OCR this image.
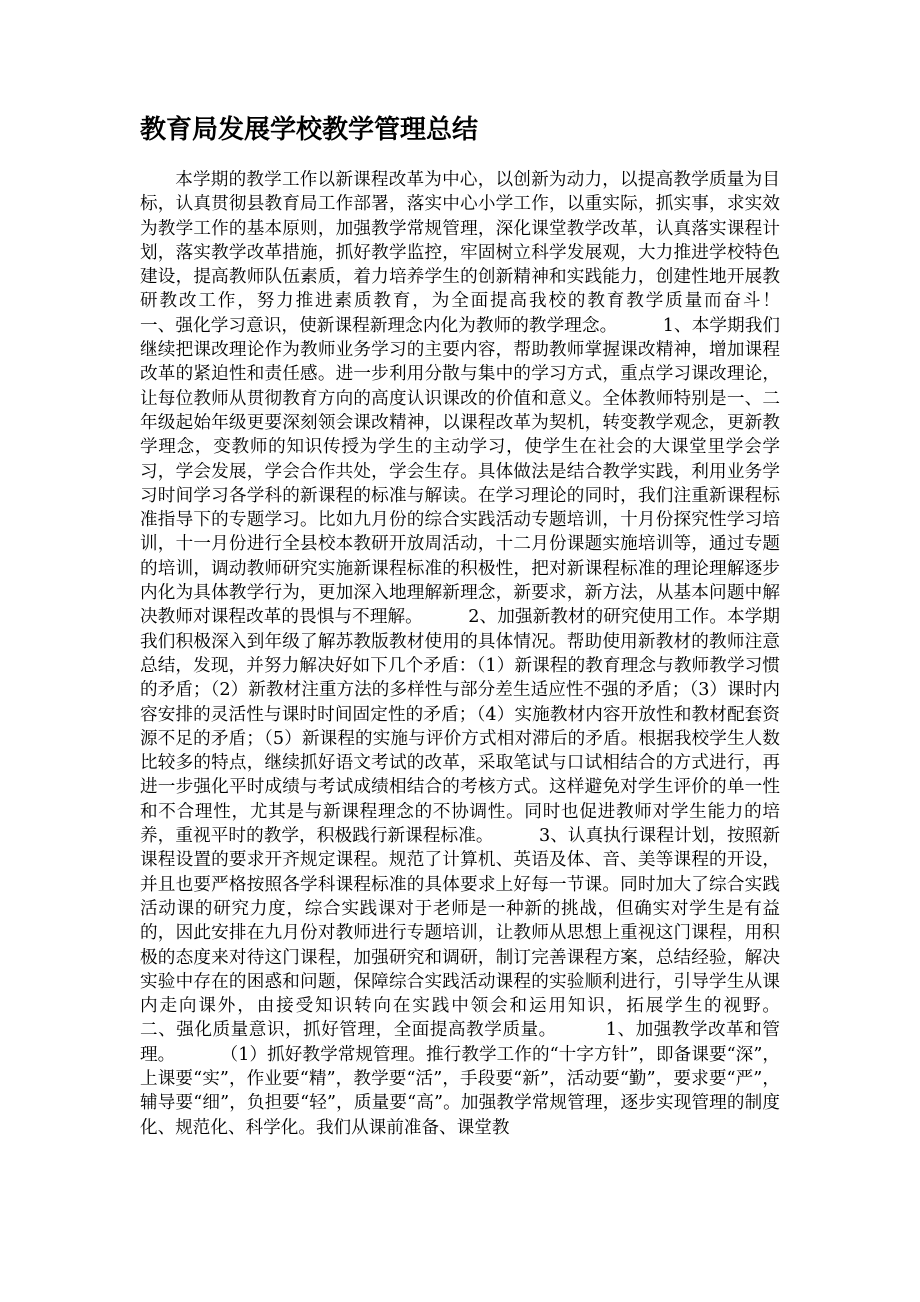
教育局发展学校教学管理总结

本学期的教学工作以新课程改革为中心，以创新为动力，以提高教学质量为目标，认真贯彻县教育局工作部署，落实中心小学工作，以重实际，抓实事，求实效为教学工作的基本原则，加强教学常规管理，深化课堂教学改革，认真落实课程计划，落实教学改革措施，抓好教学监控，牢固树立科学发展观，大力推进学校特色建设，提高教师队伍素质，着力培养学生的创新精神和实践能力，创建性地开展教研教改工作，努力推进素质教育，为全面提高我校的教育教学质量而奋斗！        一、强化学习意识，使新课程新理念内化为教师的教学理念。        1、本学期我们继续把课改理论作为教师业务学习的主要内容，帮助教师掌握课改精神，增加课程改革的紧迫性和责任感。进一步利用分散与集中的学习方式，重点学习课改理论，让每位教师从贯彻教育方向的高度认识课改的价值和意义。全体教师特别是一、二年级起始年级更要深刻领会课改精神，以课程改革为契机，转变教学观念，更新教学理念，变教师的知识传授为学生的主动学习，使学生在社会的大课堂里学会学习，学会发展，学会合作共处，学会生存。具体做法是结合教学实践，利用业务学习时间学习各学科的新课程的标准与解读。在学习理论的同时，我们注重新课程标准指导下的专题学习。比如九月份的综合实践活动专题培训，十月份探究性学习培训，十一月份进行全县校本教研开放周活动，十二月份课题实施培训等，通过专题的培训，调动教师研究实施新课程标准的积极性，把对新课程标准的理论理解逐步内化为具体教学行为，更加深入地理解新理念，新要求，新方法，从基本问题中解决教师对课程改革的畏惧与不理解。        2、加强新教材的研究使用工作。本学期我们积极深入到年级了解苏教版教材使用的具体情况。帮助使用新教材的教师注意总结，发现，并努力解决好如下几个矛盾：（1）新课程的教育理念与教师教学习惯的矛盾；（2）新教材注重方法的多样性与部分差生适应性不强的矛盾；（3）课时内容安排的灵活性与课时时间固定性的矛盾；（4）实施教材内容开放性和教材配套资源不足的矛盾；（5）新课程的实施与评价方式相对滞后的矛盾。根据我校学生人数比较多的特点，继续抓好语文考试的改革，采取笔试与口试相结合的方式进行，再进一步强化平时成绩与考试成绩相结合的考核方式。这样避免对学生评价的单一性和不合理性，尤其是与新课程理念的不协调性。同时也促进教师对学生能力的培养，重视平时的教学，积极践行新课程标准。        3、认真执行课程计划，按照新课程设置的要求开齐规定课程。规范了计算机、英语及体、音、美等课程的开设，并且也要严格按照各学科课程标准的具体要求上好每一节课。同时加大了综合实践活动课的研究力度，综合实践课对于老师是一种新的挑战，但确实对学生是有益的，因此安排在九月份对教师进行专题培训，让教师从思想上重视这门课程，用积极的态度来对待这门课程，加强研究和调研，制订完善课程方案，总结经验，解决实验中存在的困惑和问题，保障综合实践活动课程的实验顺利进行，引导学生从课内走向课外，由接受知识转向在实践中领会和运用知识，拓展学生的视野。        二、强化质量意识，抓好管理，全面提高教学质量。        1、加强教学改革和管理。        （1）抓好教学常规管理。推行教学工作的“十字方针”，即备课要“深”，上课要“实”，作业要“精”，教学要“活”，手段要“新”，活动要“勤”，要求要“严”，辅导要“细”，负担要“轻”，质量要“高”。加强教学常规管理，逐步实现管理的制度化、规范化、科学化。我们从课前准备、课堂教
